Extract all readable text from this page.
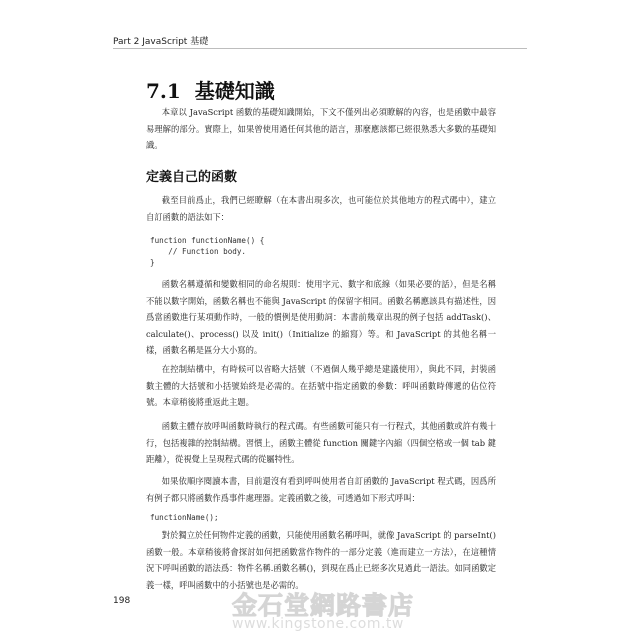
Part 2 JavaScript 基礎
7.1 基礎知識

本章以 JavaScript 函數的基礎知識開始，下文不僅列出必須瞭解的內容，也是函數中最容易理解的部分。實際上，如果曾使用過任何其他的語言，那麼應該都已經很熟悉大多數的基礎知識。

定義自己的函數

截至目前爲止，我們已經瞭解（在本書出現多次，也可能位於其他地方的程式碼中），建立自訂函數的語法如下：

function functionName() {
// Function body.
}

函數名稱遵循和變數相同的命名規則：使用字元、數字和底線（如果必要的話），但是名稱不能以數字開始，函數名稱也不能與 JavaScript 的保留字相同。函數名稱應該具有描述性，因爲當函數進行某項動作時，一般的慣例是使用動詞：本書前幾章出現的例子包括 addTask()、calculate()、process() 以及 init()（Initialize 的縮寫）等。和 JavaScript 的其他名稱一樣，函數名稱是區分大小寫的。

在控制結構中，有時候可以省略大括號（不過個人幾乎總是建議使用），與此不同，封裝函數主體的大括號和小括號始終是必需的。在括號中指定函數的參數：呼叫函數時傳遞的佔位符號。本章稍後將重返此主題。

函數主體存放呼叫函數時執行的程式碼。有些函數可能只有一行程式，其他函數或許有幾十行，包括複雜的控制結構。習慣上，函數主體從 function 關鍵字內縮（四個空格或一個 tab 鍵距離），從視覺上呈現程式碼的從屬特性。

如果依順序閱讀本書，目前還沒有看到呼叫使用者自訂函數的 JavaScript 程式碼，因爲所有例子都只將函數作爲事件處理器。定義函數之後，可透過如下形式呼叫：

functionName();

對於獨立於任何物件定義的函數，只能使用函數名稱呼叫，就像 JavaScript 的 parseInt() 函數一般。本章稍後將會探討如何把函數當作物件的一部分定義（進而建立一方法），在這種情況下呼叫函數的語法爲：物件名稱.函數名稱()，到現在爲止已經多次見過此一語法。如同函數定義一樣，呼叫函數中的小括號也是必需的。

198	金石堂網路書店
www.kingstone.com.tw
